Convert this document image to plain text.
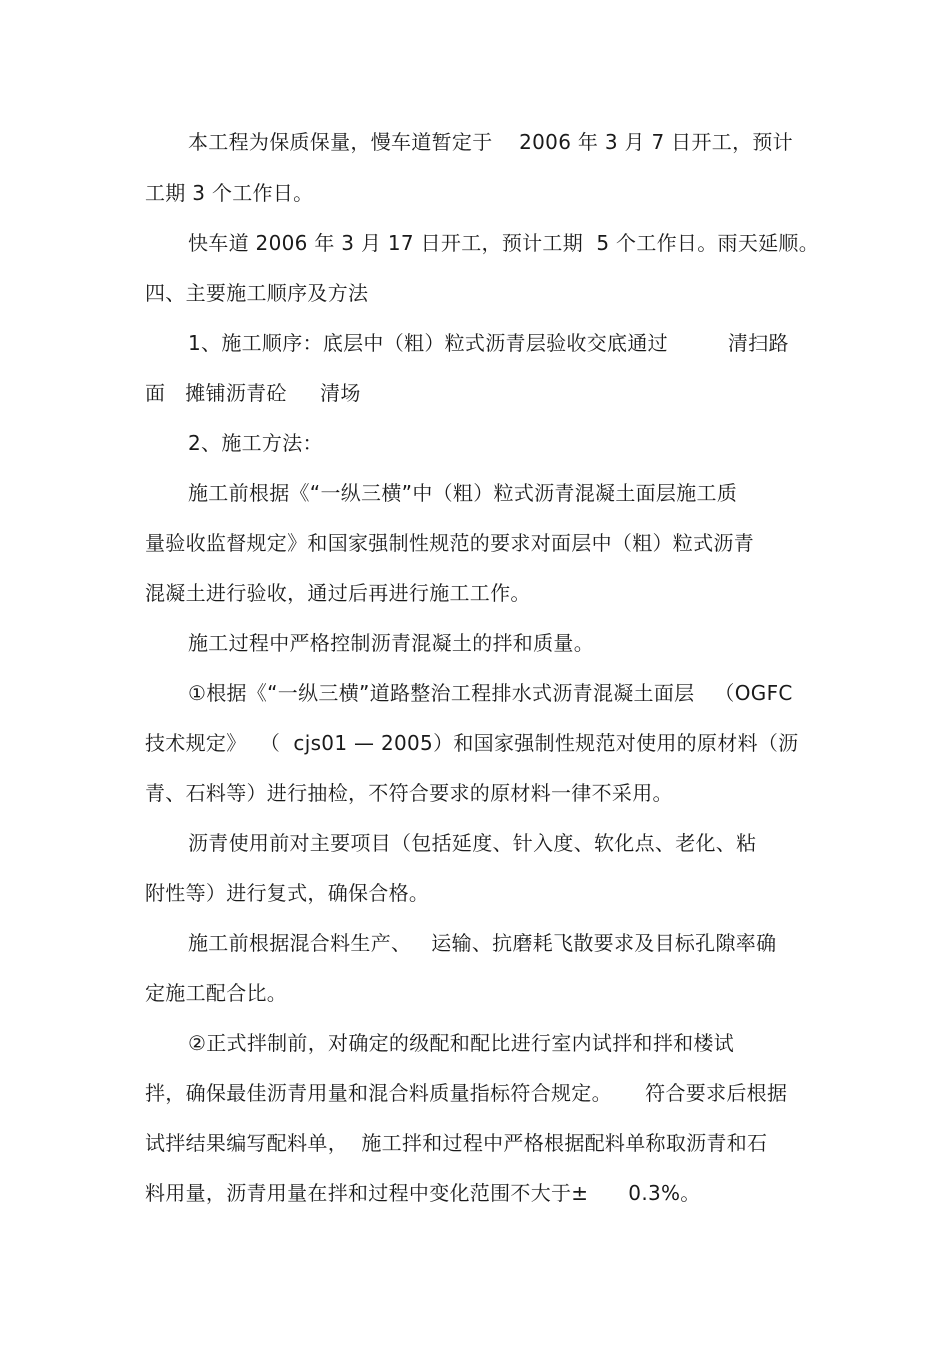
本工程为保质保量，慢车道暂定于    2006 年 3 月 7 日开工，预计
工期 3 个工作日。
快车道 2006 年 3 月 17 日开工，预计工期  5 个工作日。雨天延顺。
四、主要施工顺序及方法
1、施工顺序：底层中（粗）粒式沥青层验收交底通过         清扫路
面   摊铺沥青砼     清场
2、施工方法：
施工前根据《“一纵三横”中（粗）粒式沥青混凝土面层施工质
量验收监督规定》和国家强制性规范的要求对面层中（粗）粒式沥青
混凝土进行验收，通过后再进行施工工作。
施工过程中严格控制沥青混凝土的拌和质量。
①根据《“一纵三横”道路整治工程排水式沥青混凝土面层   （OGFC
技术规定》  （  cjs01 — 2005）和国家强制性规范对使用的原材料（沥
青、石料等）进行抽检，不符合要求的原材料一律不采用。
沥青使用前对主要项目（包括延度、针入度、软化点、老化、粘
附性等）进行复式，确保合格。
施工前根据混合料生产、   运输、抗磨耗飞散要求及目标孔隙率确
定施工配合比。
②正式拌制前，对确定的级配和配比进行室内试拌和拌和楼试
拌，确保最佳沥青用量和混合料质量指标符合规定。     符合要求后根据
试拌结果编写配料单，  施工拌和过程中严格根据配料单称取沥青和石
料用量，沥青用量在拌和过程中变化范围不大于±      0.3%。
